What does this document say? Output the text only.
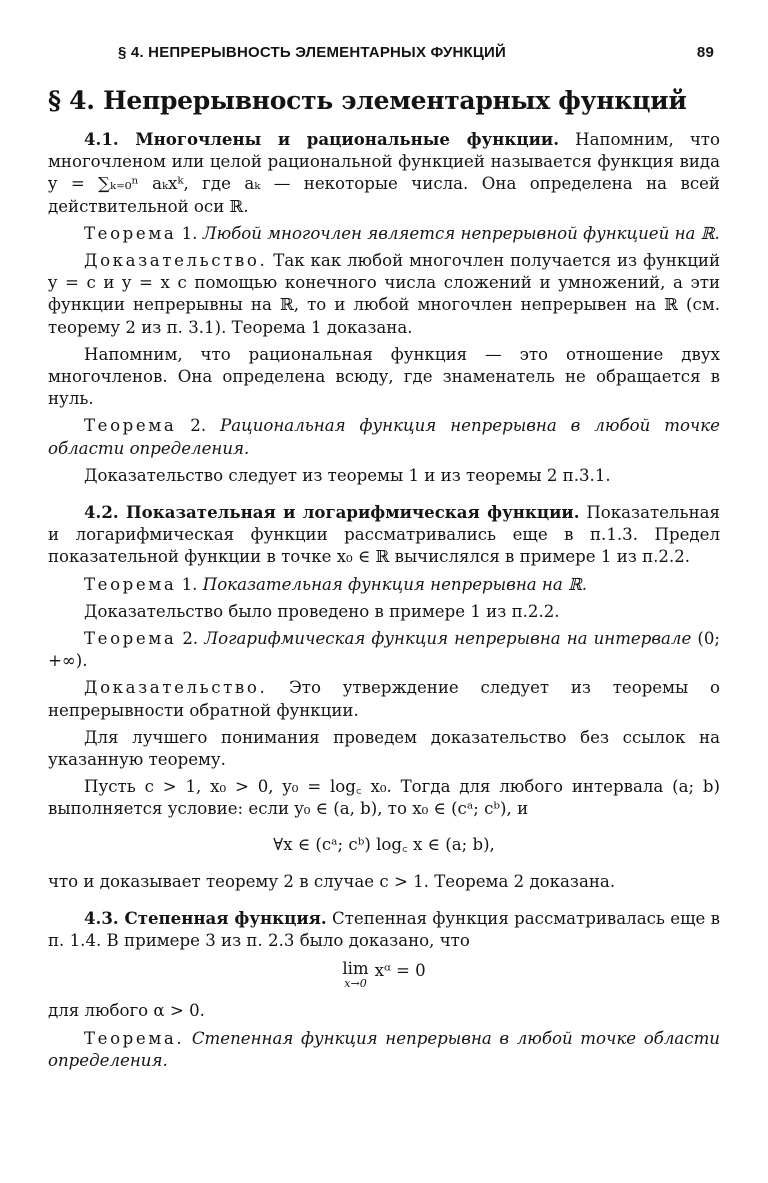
§ 4. НЕПРЕРЫВНОСТЬ ЭЛЕМЕНТАРНЫХ ФУНКЦИЙ	89
§ 4. Непрерывность элементарных функций

4.1. Многочлены и рациональные функции. Напомним, что многочленом или целой рациональной функцией называется функция вида y = ∑ₖ₌₀ⁿ aₖxᵏ, где aₖ — некоторые числа. Она определена на всей действительной оси ℝ.

Теорема 1. Любой многочлен является непрерывной функцией на ℝ.

Доказательство. Так как любой многочлен получается из функций y = c и y = x с помощью конечного числа сложений и умножений, а эти функции непрерывны на ℝ, то и любой многочлен непрерывен на ℝ (см. теорему 2 из п. 3.1). Теорема 1 доказана.

Напомним, что рациональная функция — это отношение двух многочленов. Она определена всюду, где знаменатель не обращается в нуль.

Теорема 2. Рациональная функция непрерывна в любой точке области определения.

Доказательство следует из теоремы 1 и из теоремы 2 п.3.1.

4.2. Показательная и логарифмическая функции. Показательная и логарифмическая функции рассматривались еще в п.1.3. Предел показательной функции в точке x₀ ∈ ℝ вычислялся в примере 1 из п.2.2.

Теорема 1. Показательная функция непрерывна на ℝ.

Доказательство было проведено в примере 1 из п.2.2.

Теорема 2. Логарифмическая функция непрерывна на интервале (0; +∞).

Доказательство. Это утверждение следует из теоремы о непрерывности обратной функции.

Для лучшего понимания проведем доказательство без ссылок на указанную теорему.

Пусть c > 1, x₀ > 0, y₀ = log꜀ x₀. Тогда для любого интервала (a; b) выполняется условие: если y₀ ∈ (a, b), то x₀ ∈ (cᵃ; cᵇ), и

∀x ∈ (cᵃ; cᵇ) log꜀ x ∈ (a; b),

что и доказывает теорему 2 в случае c > 1. Теорема 2 доказана.

4.3. Степенная функция. Степенная функция рассматривалась еще в п. 1.4. В примере 3 из п. 2.3 было доказано, что

lim
x→0
xᵅ = 0

для любого α > 0.

Теорема. Степенная функция непрерывна в любой точке области определения.
